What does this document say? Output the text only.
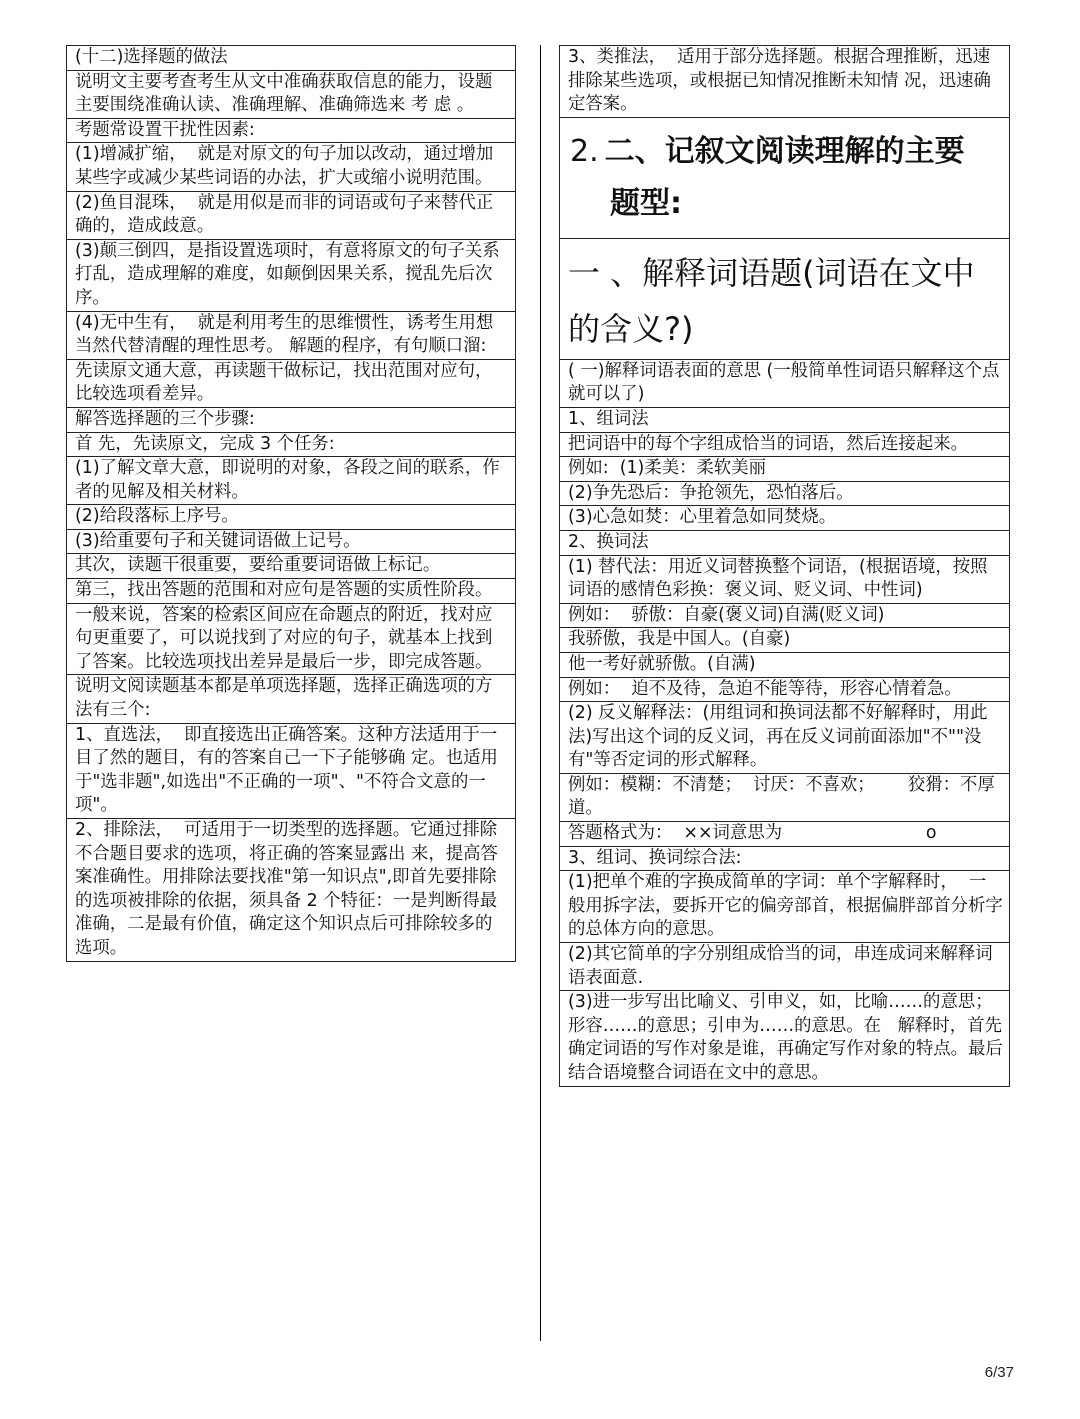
(十二)选择题的做法
说明文主要考查考生从文中准确获取信息的能力，设题主要围绕准确认读、准确理解、准确筛选来 考 虑 。
考题常设置干扰性因素:
(1)增减扩缩，  就是对原文的句子加以改动，通过增加某些字或减少某些词语的办法，扩大或缩小说明范围。
(2)鱼目混珠，  就是用似是而非的词语或句子来替代正确的，造成歧意。
(3)颠三倒四，是指设置选项时，有意将原文的句子关系打乱，造成理解的难度，如颠倒因果关系，搅乱先后次序。
(4)无中生有，  就是利用考生的思维惯性，诱考生用想当然代替清醒的理性思考。 解题的程序，有句顺口溜:
先读原文通大意，再读题干做标记，找出范围对应句，比较选项看差异。
解答选择题的三个步骤:
首 先，先读原文，完成 3 个任务:
(1)了解文章大意，即说明的对象，各段之间的联系，作者的见解及相关材料。
(2)给段落标上序号。
(3)给重要句子和关键词语做上记号。
其次，读题干很重要，要给重要词语做上标记。
第三，找出答题的范围和对应句是答题的实质性阶段。
一般来说，答案的检索区间应在命题点的附近，找对应句更重要了，可以说找到了对应的句子，就基本上找到了答案。比较选项找出差异是最后一步，即完成答题。
说明文阅读题基本都是单项选择题，选择正确选项的方法有三个:
1、直选法，  即直接选出正确答案。这种方法适用于一目了然的题目，有的答案自己一下子能够确 定。也适用于"选非题",如选出"不正确的一项"、"不符合文意的一项"。
2、排除法，  可适用于一切类型的选择题。它通过排除不合题目要求的选项，将正确的答案显露出 来，提高答案准确性。用排除法要找准"第一知识点",即首先要排除的选项被排除的依据，须具备 2 个特征：一是判断得最准确，二是最有价值，确定这个知识点后可排除较多的选项。
3、类推法，  适用于部分选择题。根据合理推断，迅速排除某些选项，或根据已知情况推断未知情 况，迅速确定答案。
2. 二、记叙文阅读理解的主要
题型:
一 、解释词语题(词语在文中的含义?)
( 一)解释词语表面的意思 (一般简单性词语只解释这个点就可以了)
1、组词法
把词语中的每个字组成恰当的词语，然后连接起来。
例如:  (1)柔美：柔软美丽
(2)争先恐后：争抢领先，恐怕落后。
(3)心急如焚：心里着急如同焚烧。
2、换词法
(1) 替代法：用近义词替换整个词语，(根据语境，按照词语的感情色彩换：褒义词、贬义词、中性词)
例如：  骄傲：自豪(褒义词)自满(贬义词)
我骄傲，我是中国人。(自豪)
他一考好就骄傲。(自满)
例如：  迫不及待，急迫不能等待，形容心情着急。
(2) 反义解释法：(用组词和换词法都不好解释时，用此法)写出这个词的反义词，再在反义词前面添加"不""没有"等否定词的形式解释。
例如：模糊：不清楚；  讨厌：不喜欢；      狡猾：不厚道。
答题格式为：  ××词意思为                          o
3、组词、换词综合法:
(1)把单个难的字换成简单的字词：单个字解释时，  一般用拆字法，要拆开它的偏旁部首，根据偏胖部首分析字的总体方向的意思。
(2)其它简单的字分别组成恰当的词，串连成词来解释词语表面意.
(3)进一步写出比喻义、引申义，如，比喻……的意思；形容……的意思；引申为……的意思。在   解释时，首先确定词语的写作对象是谁，再确定写作对象的特点。最后结合语境整合词语在文中的意思。
6/37
